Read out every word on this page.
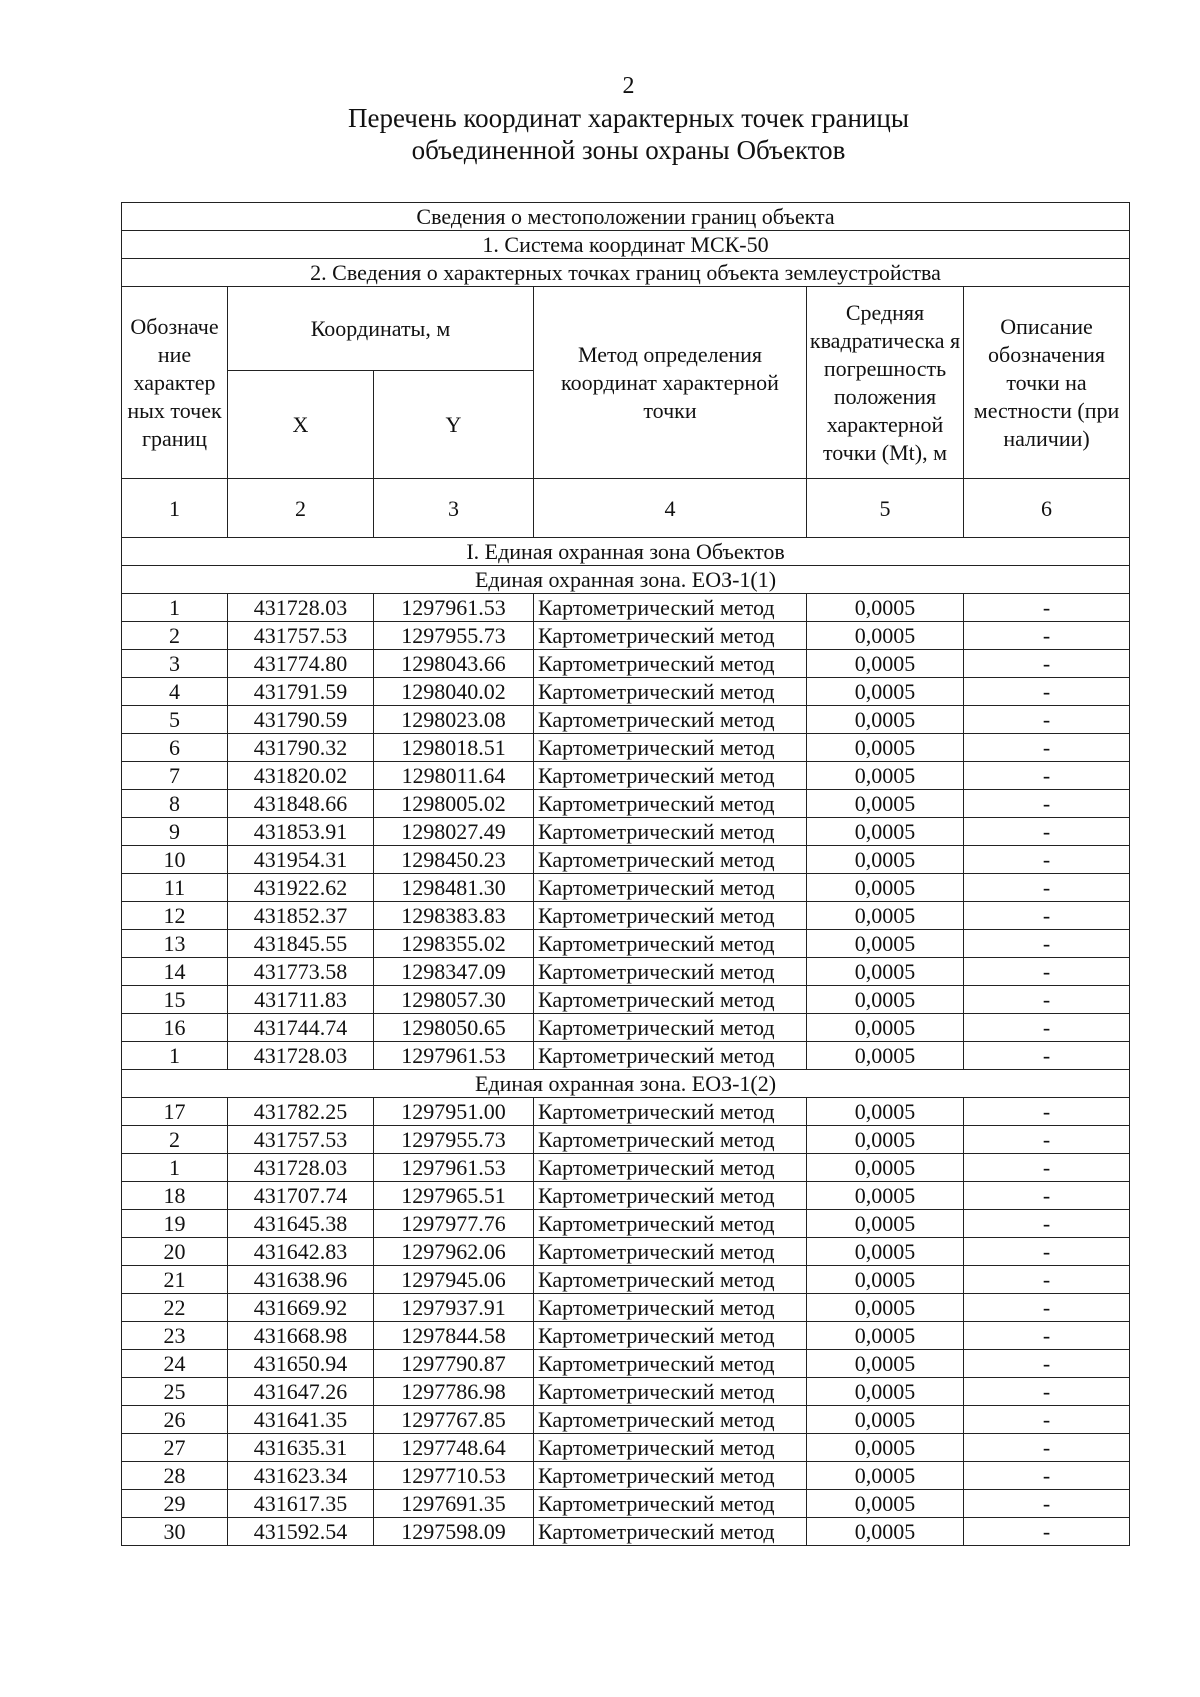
2
Перечень координат характерных точек границы
объединенной зоны охраны Объектов
Сведения о местоположении границ объекта					
1. Система координат МСК-50					
2. Сведения о характерных точках границ объекта землеустройства					
Обозначе ние характер ных точек границ	Координаты, м		Метод определения координат характерной точки	Средняя квадратическа я погрешность положения характерной точки (Mt), м	Описание обозначения точки на местности (при наличии)
	X	Y			
1	2	3	4	5	6
I. Единая охранная зона Объектов					
Единая охранная зона. ЕОЗ-1(1)					
1	431728.03	1297961.53	Картометрический метод	0,0005	-
2	431757.53	1297955.73	Картометрический метод	0,0005	-
3	431774.80	1298043.66	Картометрический метод	0,0005	-
4	431791.59	1298040.02	Картометрический метод	0,0005	-
5	431790.59	1298023.08	Картометрический метод	0,0005	-
6	431790.32	1298018.51	Картометрический метод	0,0005	-
7	431820.02	1298011.64	Картометрический метод	0,0005	-
8	431848.66	1298005.02	Картометрический метод	0,0005	-
9	431853.91	1298027.49	Картометрический метод	0,0005	-
10	431954.31	1298450.23	Картометрический метод	0,0005	-
11	431922.62	1298481.30	Картометрический метод	0,0005	-
12	431852.37	1298383.83	Картометрический метод	0,0005	-
13	431845.55	1298355.02	Картометрический метод	0,0005	-
14	431773.58	1298347.09	Картометрический метод	0,0005	-
15	431711.83	1298057.30	Картометрический метод	0,0005	-
16	431744.74	1298050.65	Картометрический метод	0,0005	-
1	431728.03	1297961.53	Картометрический метод	0,0005	-
Единая охранная зона. ЕОЗ-1(2)					
17	431782.25	1297951.00	Картометрический метод	0,0005	-
2	431757.53	1297955.73	Картометрический метод	0,0005	-
1	431728.03	1297961.53	Картометрический метод	0,0005	-
18	431707.74	1297965.51	Картометрический метод	0,0005	-
19	431645.38	1297977.76	Картометрический метод	0,0005	-
20	431642.83	1297962.06	Картометрический метод	0,0005	-
21	431638.96	1297945.06	Картометрический метод	0,0005	-
22	431669.92	1297937.91	Картометрический метод	0,0005	-
23	431668.98	1297844.58	Картометрический метод	0,0005	-
24	431650.94	1297790.87	Картометрический метод	0,0005	-
25	431647.26	1297786.98	Картометрический метод	0,0005	-
26	431641.35	1297767.85	Картометрический метод	0,0005	-
27	431635.31	1297748.64	Картометрический метод	0,0005	-
28	431623.34	1297710.53	Картометрический метод	0,0005	-
29	431617.35	1297691.35	Картометрический метод	0,0005	-
30	431592.54	1297598.09	Картометрический метод	0,0005	-
